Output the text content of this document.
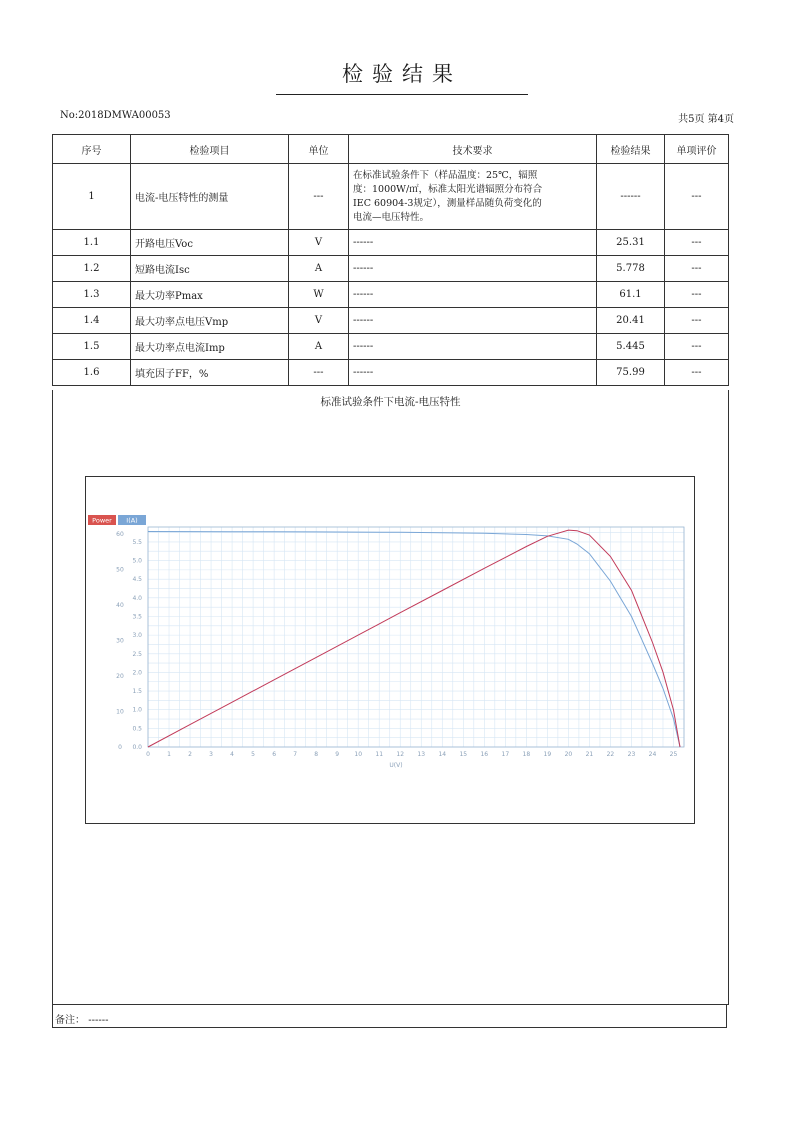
检验结果
No:2018DMWA00053	共5页 第4页
序号	检验项目	单位	技术要求	检验结果	单项评价
1	电流-电压特性的测量	---	在标准试验条件下（样品温度：25℃，辐照
度：1000W/㎡，标准太阳光谱辐照分布符合
IEC 60904-3规定），测量样品随负荷变化的
电流—电压特性。	------	---
1.1	开路电压Voc	V	------	25.31	---
1.2	短路电流Isc	A	------	5.778	---
1.3	最大功率Pmax	W	------	61.1	---
1.4	最大功率点电压Vmp	V	------	20.41	---
1.5	最大功率点电流Imp	A	------	5.445	---
1.6	填充因子FF，%	---	------	75.99	---
标准试验条件下电流-电压特性
0	1	2	3	4	5	6	7	8	9	10 11 12 13 14 15 16 17 18 19 20 21 22 23 24 25
U(V)
0
10
20
30
40
50
60
0.0
0.5
1.0
1.5
2.0
2.5
3.0
3.5
4.0
4.5
5.0
5.5
Power I(A)
备注： ------
